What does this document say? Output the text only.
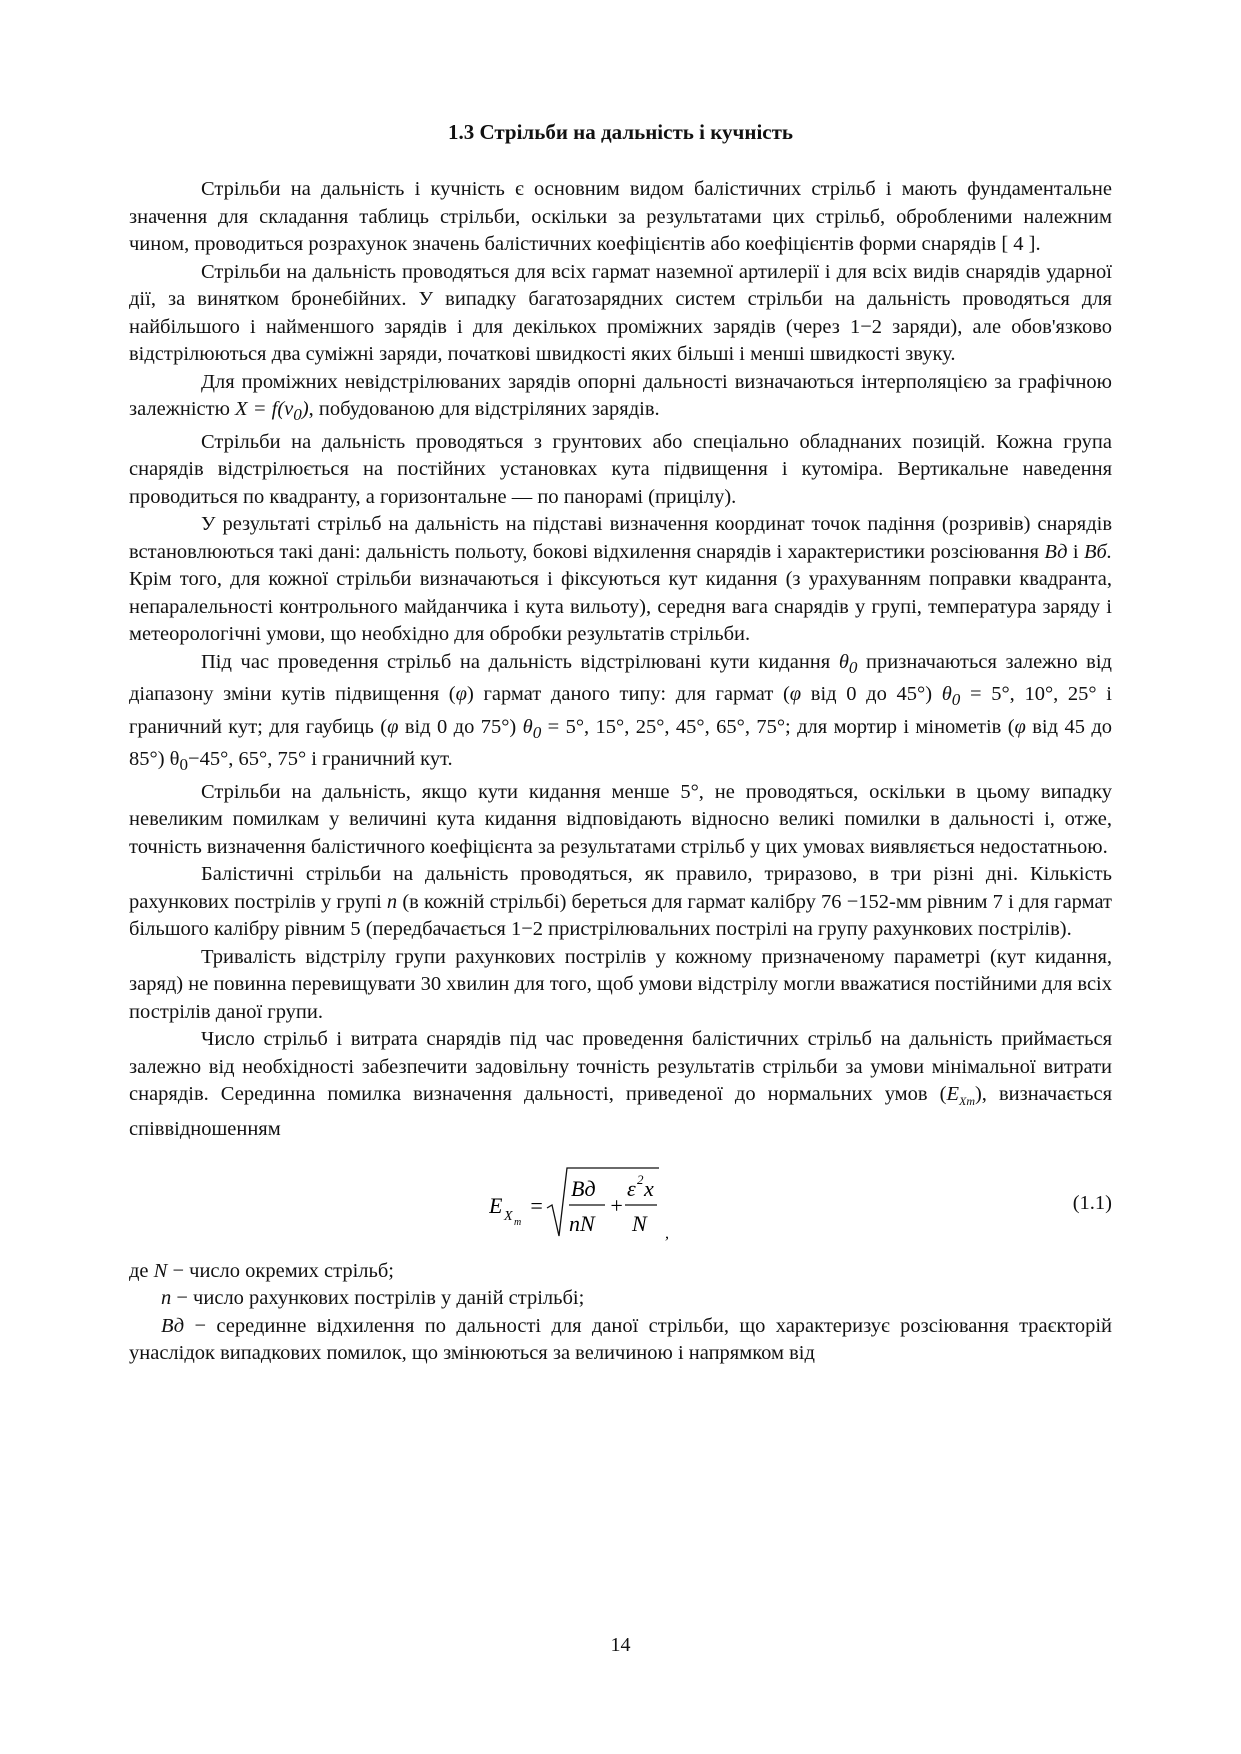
1.3 Стрільби на дальність і кучність

Стрільби на дальність і кучність є основним видом балістичних стрільб і мають фундаментальне значення для складання таблиць стрільби, оскільки за результатами цих стрільб, обробленими належним чином, проводиться розрахунок значень балістичних коефіцієнтів або коефіцієнтів форми снарядів [ 4 ].

Стрільби на дальність проводяться для всіх гармат наземної артилерії і для всіх видів снарядів ударної дії, за винятком бронебійних. У випадку багатозарядних систем стрільби на дальність проводяться для найбільшого і найменшого зарядів і для декількох проміжних зарядів (через 1−2 заряди), але обов'язково відстрілюються два суміжні заряди, початкові швидкості яких більші і менші швидкості звуку.

Для проміжних невідстрілюваних зарядів опорні дальності визначаються інтерполяцією за графічною залежністю $X = f(v_0)$, побудованою для відстріляних зарядів.

Стрільби на дальність проводяться з грунтових або спеціально обладнаних позицій. Кожна група снарядів відстрілюється на постійних установках кута підвищення і кутоміра. Вертикальне наведення проводиться по квадранту, а горизонтальне — по панорамі (прицілу).

У результаті стрільб на дальність на підставі визначення координат точок падіння (розривів) снарядів встановлюються такі дані: дальність польоту, бокові відхилення снарядів і характеристики розсіювання Вд і Вб. Крім того, для кожної стрільби визначаються і фіксуються кут кидання (з урахуванням поправки квадранта, непаралельності контрольного майданчика і кута вильоту), середня вага снарядів у групі, температура заряду і метеорологічні умови, що необхідно для обробки результатів стрільби.

Під час проведення стрільб на дальність відстрілювані кути кидання $\theta_0$ призначаються залежно від діапазону зміни кутів підвищення (φ) гармат даного типу: для гармат (φ від 0 до 45°) $\theta_0 = 5^\circ$, 10°, 25° і граничний кут; для гаубиць (φ від 0 до 75°) $\theta_0 = 5^\circ$, 15°, 25°, 45°, 65°, 75°; для мортир і мінометів (φ від 45 до 85°) $\theta_0-45^\circ$, 65°, 75° і граничний кут.

Стрільби на дальність, якщо кути кидання менше 5°, не проводяться, оскільки в цьому випадку невеликим помилкам у величині кута кидання відповідають відносно великі помилки в дальності і, отже, точність визначення балістичного коефіцієнта за результатами стрільб у цих умовах виявляється недостатньою.

Балістичні стрільби на дальність проводяться, як правило, триразово, в три різні дні. Кількість рахункових пострілів у групі n (в кожній стрільбі) береться для гармат калібру 76 −152-мм рівним 7 і для гармат більшого калібру рівним 5 (передбачається 1−2 пристрілювальних пострілі на групу рахункових пострілів).

Тривалість відстрілу групи рахункових пострілів у кожному призначеному параметрі (кут кидання, заряд) не повинна перевищувати 30 хвилин для того, щоб умови відстрілу могли вважатися постійними для всіх пострілів даної групи.

Число стрільб і витрата снарядів під час проведення балістичних стрільб на дальність приймається залежно від необхідності забезпечити задовільну точність результатів стрільби за умови мінімальної витрати снарядів. Серединна помилка визначення дальності, приведеної до нормальних умов $(E_{Xт})$, визначається співвідношенням

E X т
=
Bд
nN
+
ε 2 x
N ,
(1.1)

де N − число окремих стрільб;

n − число рахункових пострілів у даній стрільбі;

Вд − серединне відхилення по дальності для даної стрільби, що характеризує розсіювання траєкторій унаслідок випадкових помилок, що змінюються за величиною і напрямком від

14
